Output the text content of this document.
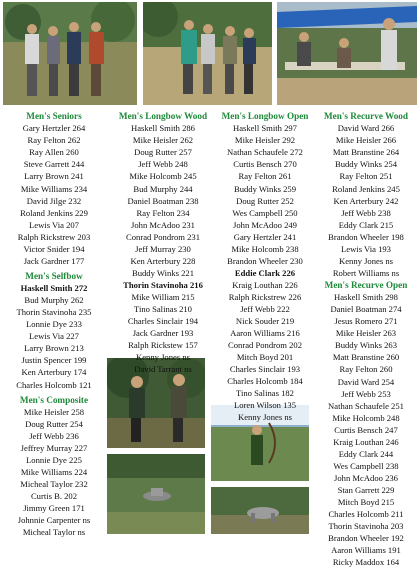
Men's Seniors
Gary Hertzler 264
Ray Felton 262
Ray Allen 260
Steve Garrett 244
Larry Brown 241
Mike Williams 234
David Jilge 232
Roland Jenkins 229
Lewis Via 207
Ralph Rickstrew 203
Victor Snider 194
Jack Gardner 177
Men's Selfbow
Haskell Smith 272
Bud Murphy 262
Thorin Stavinoha 235
Lonnie Dye 233
Lewis Via 227
Larry Brown 213
Justin Spencer 199
Ken Arterbury 174
Charles Holcomb 121
Men's Composite
Mike Heisler 258
Doug Rutter 254
Jeff Webb 236
Jeffrey Murray 227
Lonnie Dye 225
Mike Williams 224
Micheal Taylor 232
Curtis B. 202
Jimmy Green 171
Johnnie Carpenter ns
Micheal Taylor ns
Men's Longbow Wood
Haskell Smith 286
Mike Heisler 262
Doug Rutter 257
Jeff Webb 248
Mike Holcomb 245
Bud Murphy 244
Daniel Boatman 238
Ray Felton 234
John McAdoo 231
Conrad Pondrom 231
Jeff Murray 230
Ken Arterbury 228
Buddy Winks 221
Thorin Stavinoha 216
Mike William 215
Tino Salinas 210
Charles Sinclair 194
Jack Gardner 193
Ralph Rickstew 157
Kenny Jones ns
David Tarrant ns
Men's Longbow Open
Haskell Smith 297
Mike Heisler 292
Nathan Schaufele 272
Curtis Bensch 270
Ray Felton 261
Buddy Winks 259
Doug Rutter 252
Wes Campbell 250
John McAdoo 249
Gary Hertzler 241
Mike Holcomb 238
Brandon Wheeler 230
Eddie Clark 226
Kraig Louthan 226
Ralph Rickstrew 226
Jeff Webb 222
Nick Souder 219
Aaron Williams 216
Conrad Pondrom 202
Mitch Boyd 201
Charles Sinclair 193
Charles Holcomb 184
Tino Salinas 182
Loren Wilson 135
Kenny Jones ns
Men's Recurve Wood
David Ward 266
Mike Heisler 266
Matt Branstine 264
Buddy Winks 254
Ray Felton 251
Roland Jenkins 245
Ken Arterbury 242
Jeff Webb 238
Eddy Clark 215
Brandon Wheeler 198
Lewis Via 193
Kenny Jones ns
Robert Williams ns
Men's Recurve Open
Haskell Smith 298
Daniel Boatman 274
Jesus Romero 271
Mike Heisler 263
Buddy Winks 263
Matt Branstine 260
Ray Felton 260
David Ward 254
Jeff Webb 253
Nathan Schaufele 251
Mike Holcomb 248
Curtis Bensch 247
Kraig Louthan 246
Eddy Clark 244
Wes Campbell 238
John McAdoo 236
Stan Garrett 229
Mitch Boyd 215
Charles Holcomb 211
Thorin Stavinoha 203
Brandon Wheeler 192
Aaron Williams 191
Ricky Maddox 164
